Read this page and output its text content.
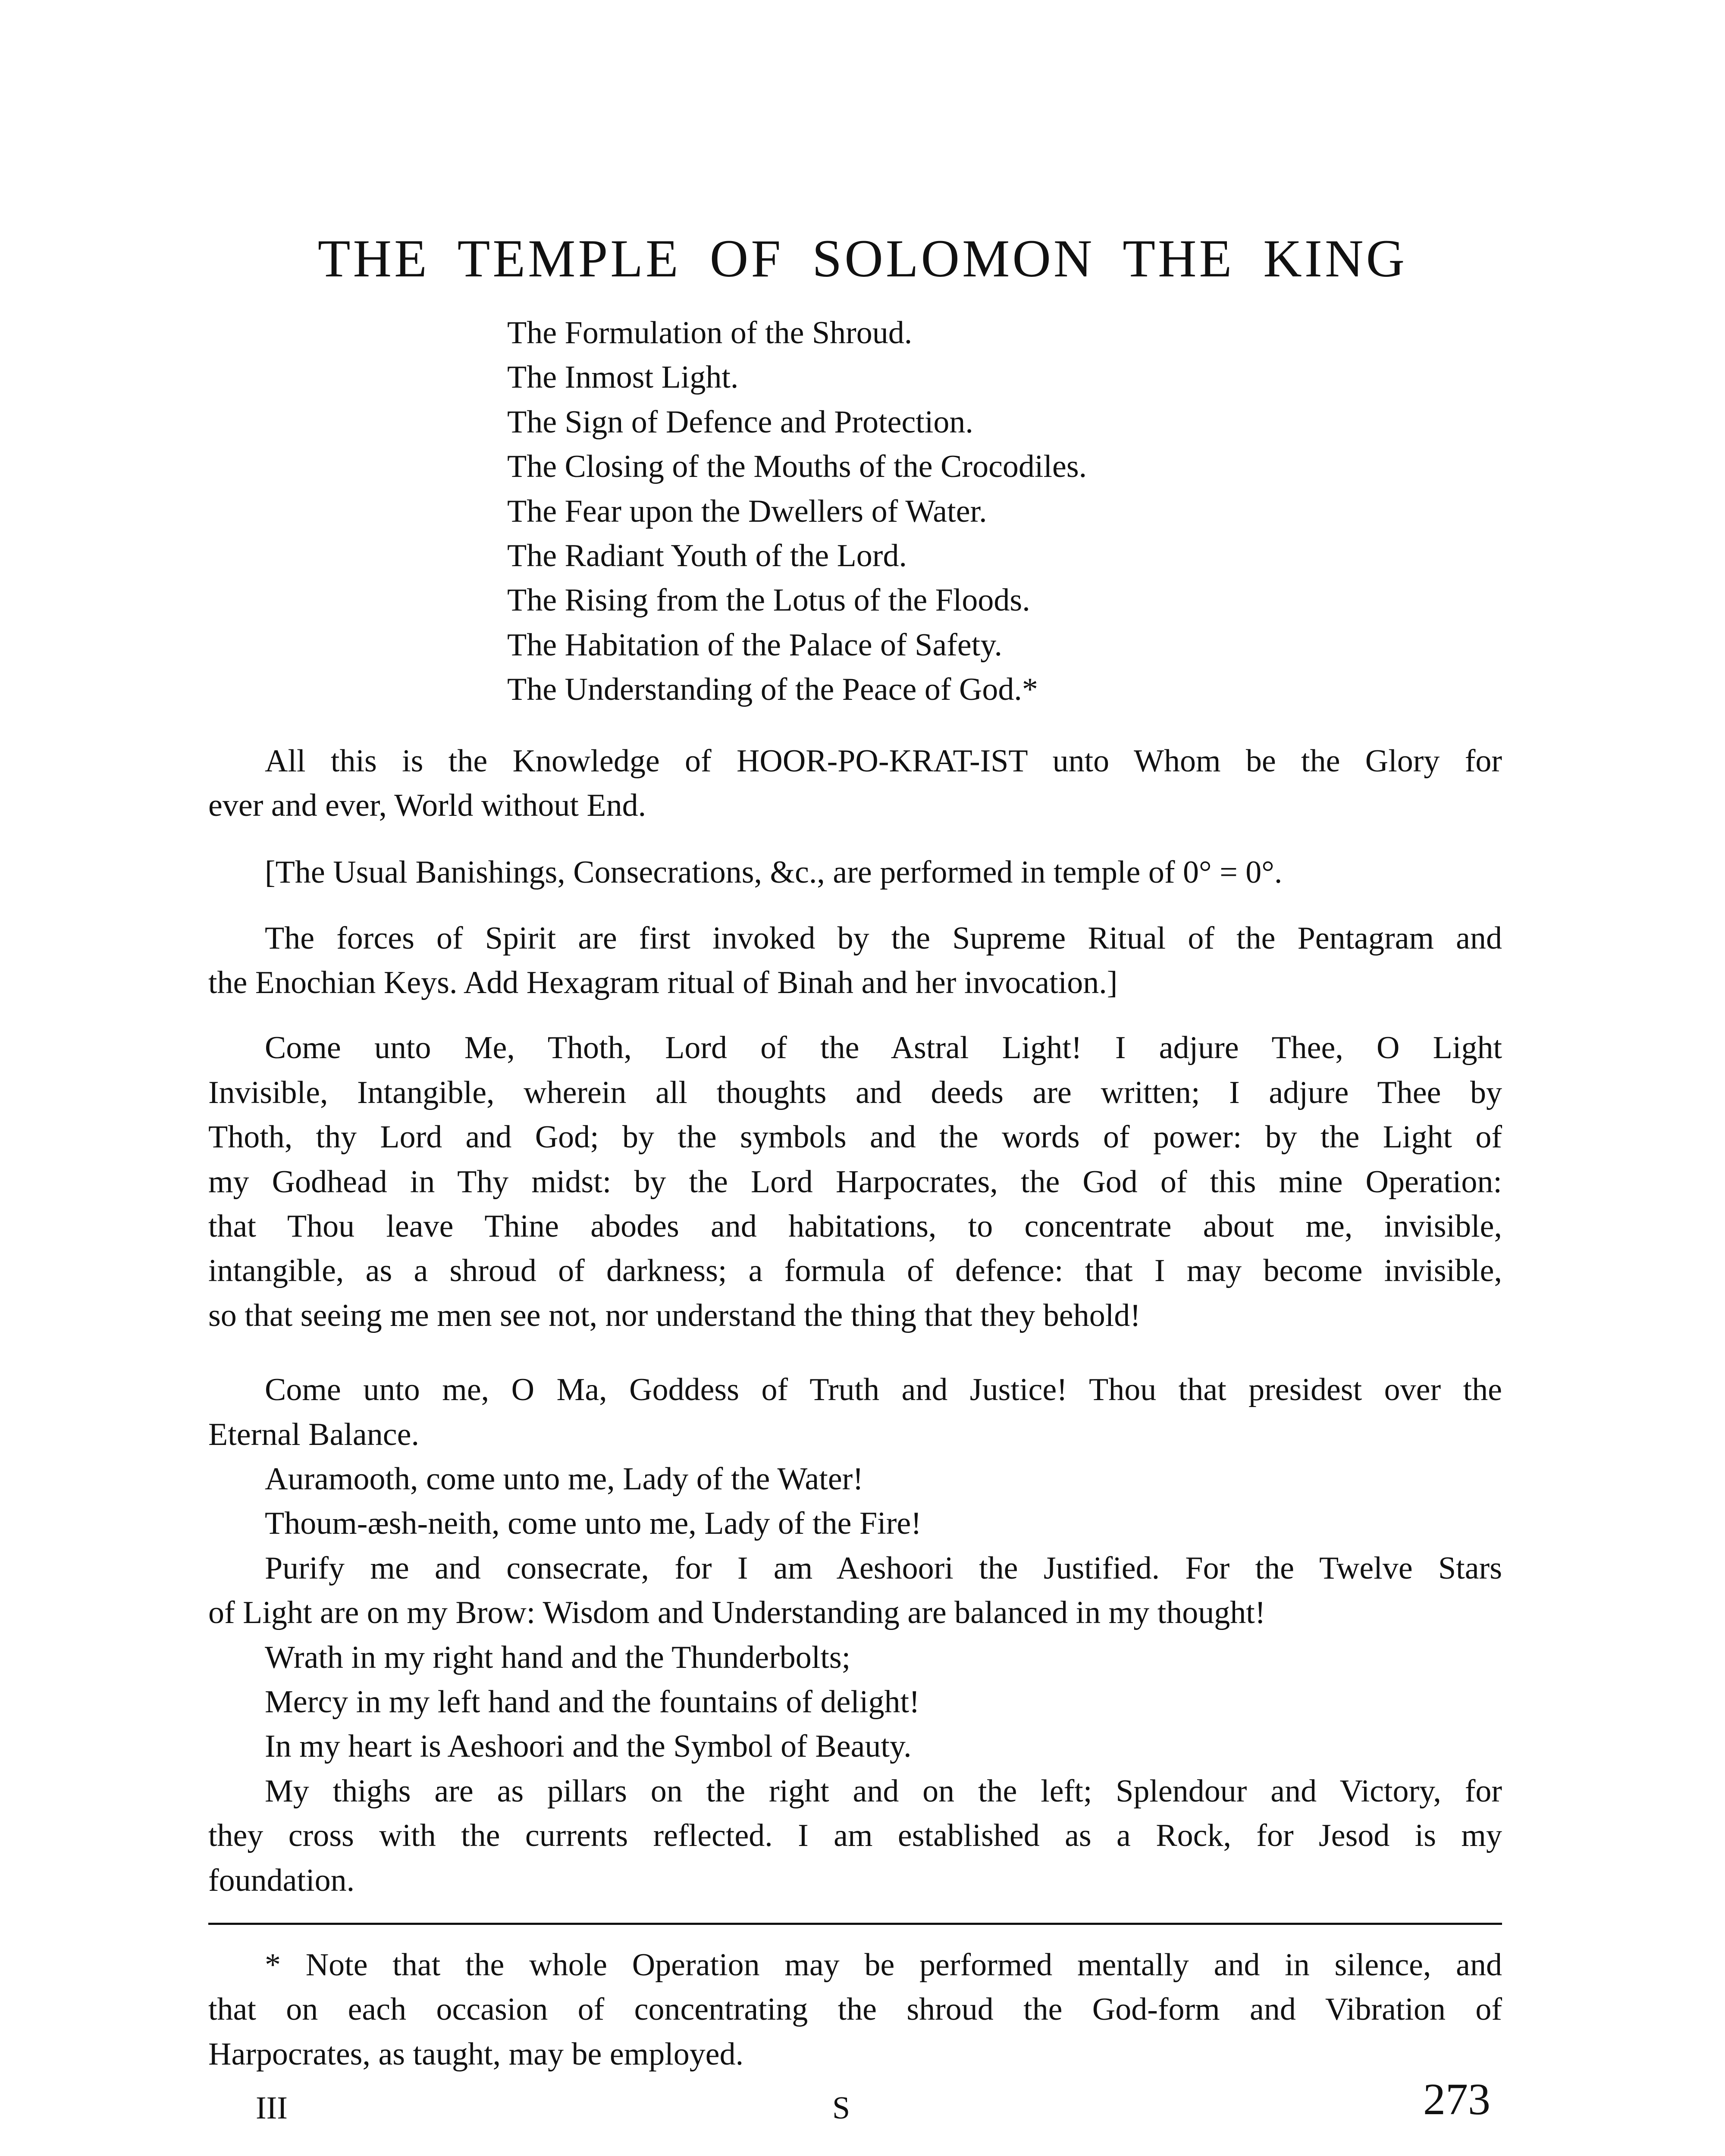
THE TEMPLE OF SOLOMON THE KING
The Formulation of the Shroud.
The Inmost Light.
The Sign of Defence and Protection.
The Closing of the Mouths of the Crocodiles.
The Fear upon the Dwellers of Water.
The Radiant Youth of the Lord.
The Rising from the Lotus of the Floods.
The Habitation of the Palace of Safety.
The Understanding of the Peace of God.*
All this is the Knowledge of HOOR-PO-KRAT-IST unto Whom be the Glory for
ever and ever, World without End.
[The Usual Banishings, Consecrations, &c., are performed in temple of 0° = 0°.
The forces of Spirit are first invoked by the Supreme Ritual of the Pentagram and
the Enochian Keys. Add Hexagram ritual of Binah and her invocation.]
Come unto Me, Thoth, Lord of the Astral Light! I adjure Thee, O Light
Invisible, Intangible, wherein all thoughts and deeds are written; I adjure Thee by
Thoth, thy Lord and God; by the symbols and the words of power: by the Light of
my Godhead in Thy midst: by the Lord Harpocrates, the God of this mine Operation:
that Thou leave Thine abodes and habitations, to concentrate about me, invisible,
intangible, as a shroud of darkness; a formula of defence: that I may become invisible,
so that seeing me men see not, nor understand the thing that they behold!
Come unto me, O Ma, Goddess of Truth and Justice! Thou that presidest over the
Eternal Balance.
Auramooth, come unto me, Lady of the Water!
Thoum-æsh-neith, come unto me, Lady of the Fire!
Purify me and consecrate, for I am Aeshoori the Justified. For the Twelve Stars
of Light are on my Brow: Wisdom and Understanding are balanced in my thought!
Wrath in my right hand and the Thunderbolts;
Mercy in my left hand and the fountains of delight!
In my heart is Aeshoori and the Symbol of Beauty.
My thighs are as pillars on the right and on the left; Splendour and Victory, for
they cross with the currents reflected. I am established as a Rock, for Jesod is my
foundation.
* Note that the whole Operation may be performed mentally and in silence, and
that on each occasion of concentrating the shroud the God-form and Vibration of
Harpocrates, as taught, may be employed.
III	S	273
